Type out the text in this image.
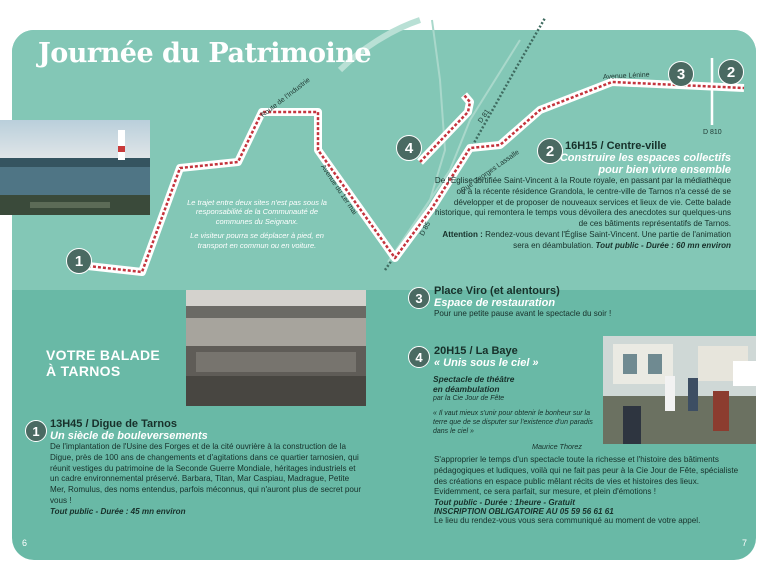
Journée du Patrimoine
Route de l'Industrie
Avenue du 1er mai
D 85
D 81
Rue Georges Lassalle
Avenue Lénine
D 810
1
2
3
4	2

Le trajet entre deux sites n'est pas sous la responsabilité de la Communauté de communes du Seignanx.

Le visiteur pourra se déplacer à pied, en transport en commun ou en voiture.

VOTRE BALADE
À TARNOS
1 13H45 / Digue de Tarnos
Un siècle de bouleversements
De l'implantation de l'Usine des Forges et de la cité ouvrière à la construction de la Digue, près de 100 ans de changements et d'agitations dans ce quartier tarnosien, qui réunit vestiges du patrimoine de la Seconde Guerre Mondiale, héritages industriels et un cadre environnemental préservé. Barbara, Titan, Mar Caspiau, Madrague, Petite Mer, Romulus, des noms entendus, parfois méconnus, qui n'auront plus de secret pour vous !
Tout public - Durée : 45 mn environ
16H15 / Centre-ville
Construire les espaces collectifs
pour bien vivre ensemble
De l'Église fortifiée Saint-Vincent à la Route royale, en passant par la médiathèque ou à la récente résidence Grandola, le centre-ville de Tarnos n'a cessé de se développer et de proposer de nouveaux services et lieux de vie. Cette balade historique, qui remontera le temps vous dévoilera des anecdotes sur quelques-uns de ces bâtiments représentatifs de Tarnos.
Attention : Rendez-vous devant l'Église Saint-Vincent. Une partie de l'animation sera en déambulation. Tout public - Durée : 60 mn environ
3	Place Viro (et alentours)
Espace de restauration
Pour une petite pause avant le spectacle du soir !
4	20H15 / La Baye
« Unis sous le ciel »
Spectacle de théâtre
en déambulation
par la Cie Jour de Fête
« Il vaut mieux s'unir pour obtenir le bonheur sur la terre que de se disputer sur l'existence d'un paradis dans le ciel »
Maurice Thorez
S'approprier le temps d'un spectacle toute la richesse et l'histoire des bâtiments pédagogiques et ludiques, voilà qui ne fait pas peur à la Cie Jour de Fête, spécialiste des créations en espace public mêlant récits de vies et histoires des lieux. Evidemment, ce sera parfait, sur mesure, et plein d'émotions !
Tout public - Durée : 1heure - Gratuit
INSCRIPTION OBLIGATOIRE AU 05 59 56 61 61
Le lieu du rendez-vous vous sera communiqué au moment de votre appel.
6	7
